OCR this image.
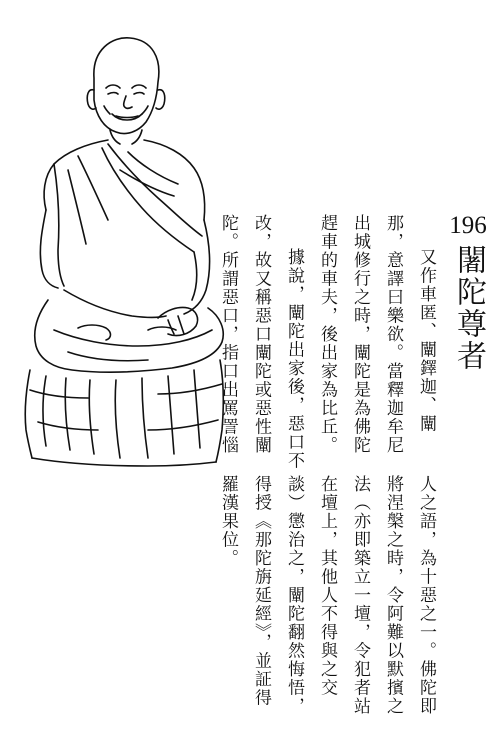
196
闍陀尊者
又作車匿、闡鐸迦、闡
那，意譯曰樂欲。當釋迦牟尼
出城修行之時，闡陀是為佛陀
趕車的車夫，後出家為比丘。
據說，闡陀出家後，惡口不
改，故又稱惡口闡陀或惡性闡
陀。所謂惡口，指口出罵詈惱
人之語，為十惡之一。佛陀即
將涅槃之時，令阿難以默擯之
法（亦即築立一壇，令犯者站
在壇上，其他人不得與之交
談）懲治之，闡陀翻然悔悟，
得授《那陀旃延經》，並証得
羅漢果位。
